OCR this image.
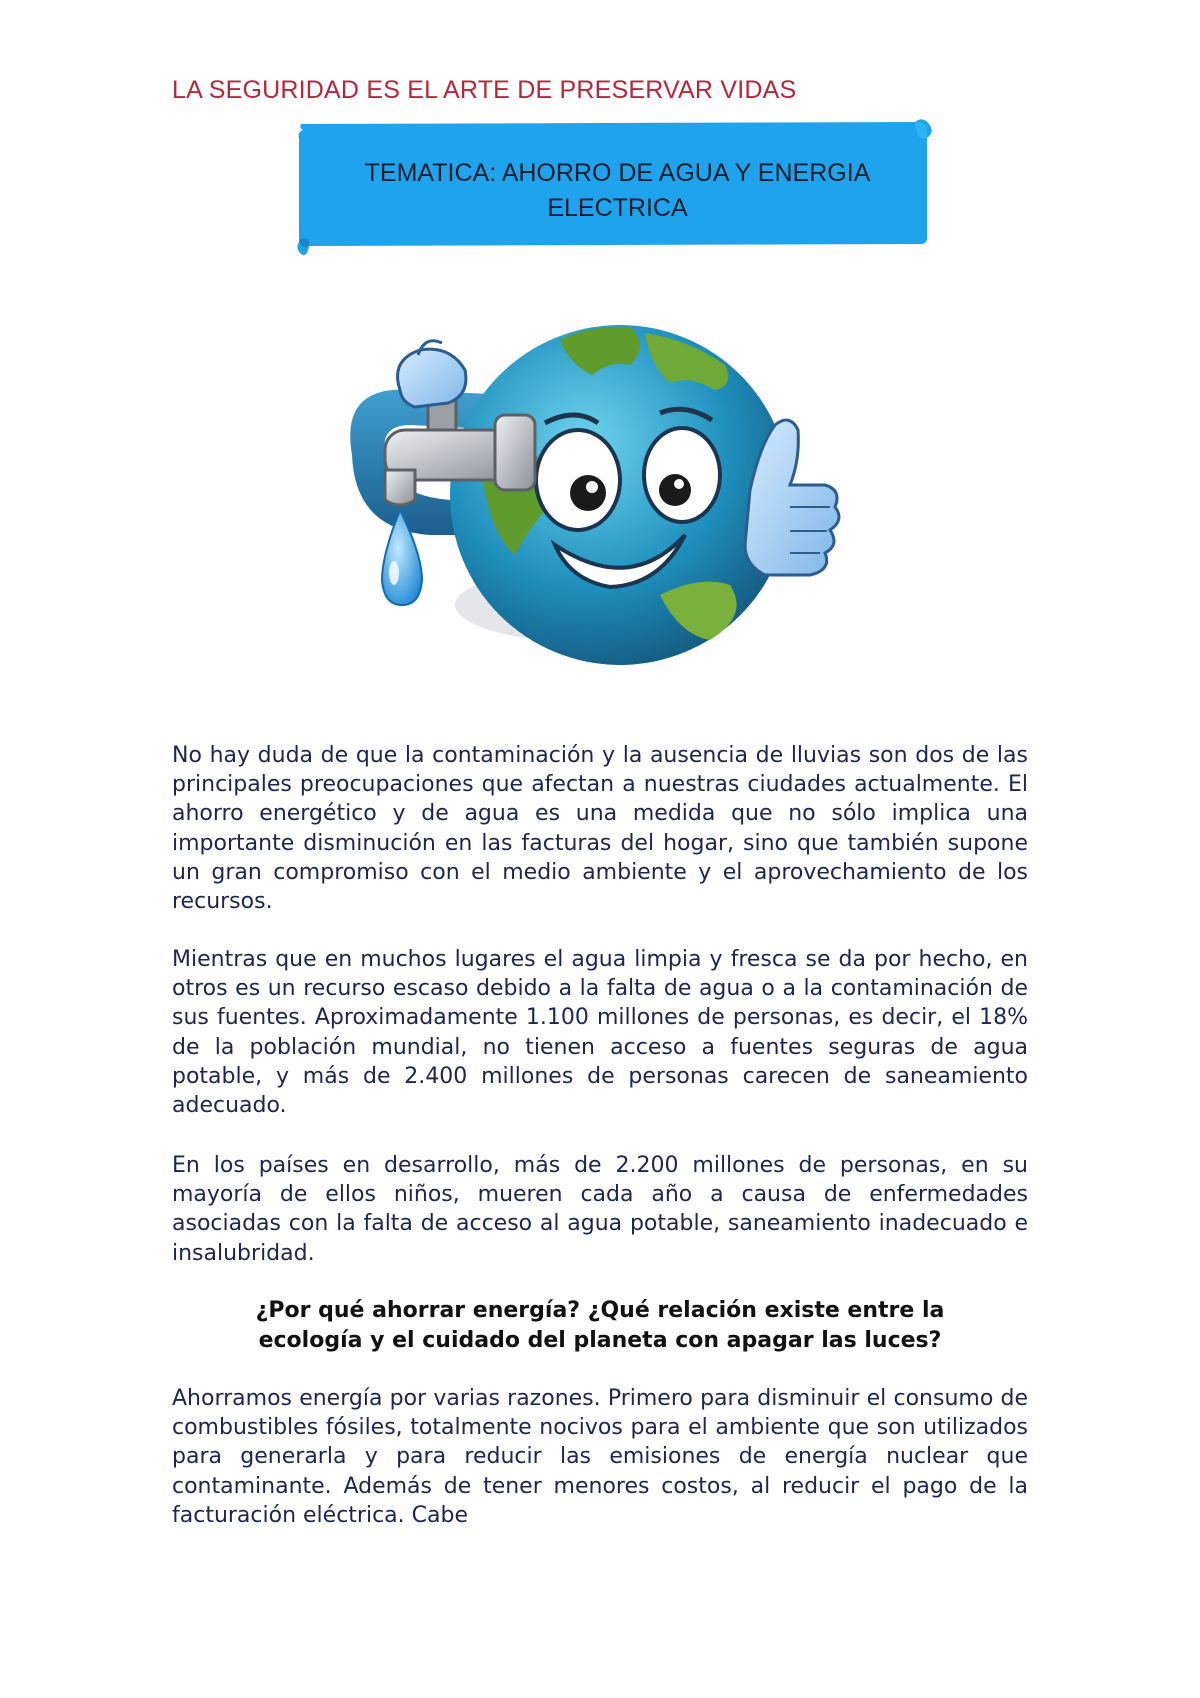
LA SEGURIDAD ES EL ARTE DE PRESERVAR VIDAS
TEMATICA: AHORRO DE AGUA Y ENERGIA
ELECTRICA

No hay duda de que la contaminación y la ausencia de lluvias son dos de las principales preocupaciones que afectan a nuestras ciudades actualmente. El ahorro energético y de agua es una medida que no sólo implica una importante disminución en las facturas del hogar, sino que también supone un gran compromiso con el medio ambiente y el aprovechamiento de los recursos.

Mientras que en muchos lugares el agua limpia y fresca se da por hecho, en otros es un recurso escaso debido a la falta de agua o a la contaminación de sus fuentes. Aproximadamente 1.100 millones de personas, es decir, el 18% de la población mundial, no tienen acceso a fuentes seguras de agua potable, y más de 2.400 millones de personas carecen de saneamiento adecuado.

En los países en desarrollo, más de 2.200 millones de personas, en su mayoría de ellos niños, mueren cada año a causa de enfermedades asociadas con la falta de acceso al agua potable, saneamiento inadecuado e insalubridad.

¿Por qué ahorrar energía? ¿Qué relación existe entre la ecología y el cuidado del planeta con apagar las luces?

Ahorramos energía por varias razones. Primero para disminuir el consumo de combustibles fósiles, totalmente nocivos para el ambiente que son utilizados para generarla y para reducir las emisiones de energía nuclear que contaminante. Además de tener menores costos, al reducir el pago de la facturación eléctrica. Cabe
